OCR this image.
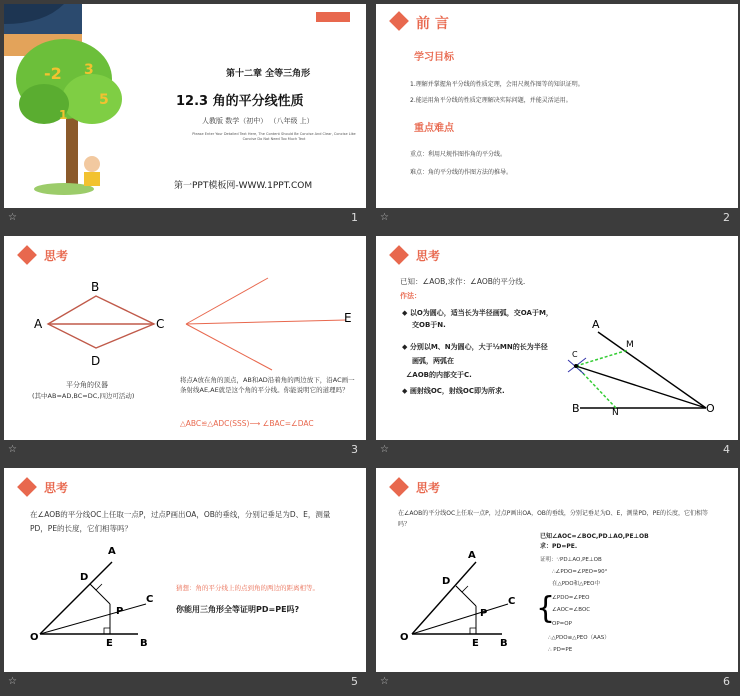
-2 3
5
1
第十二章 全等三角形
12.3 角的平分线性质
人教版 数学（初中） （八年级 上）
Please Enter Your Detailed Text Here, The Content Should Be Concise And Clear, Concise Like Concise Do Not Need Too Much Text
第一PPT模板网-WWW.1PPT.COM
☆	1
前 言
学习目标
1.理解并掌握角平分线的性质定理，会用尺规作图等的知识证明。
2.能运用角平分线的性质定理解决实际问题，并能灵活运用。
重点难点
重点：利用尺规作图作角的平分线。
难点：角的平分线的作图方法的推导。
☆	2
思考
A
B
C
D
E
平分角的仪器
(其中AB=AD,BC=DC,四边可活动)
将点A放在角的顶点，AB和AD沿着角的两边放下，沿AC画一条射线AE,AE就是这个角的平分线。你能说明它的道理吗？
△ABC≌△ADC(SSS)⟶ ∠BAC=∠DAC
☆	3
思考
已知：∠AOB,求作：∠AOB的平分线.
作法：
◆ 以O为圆心，适当长为半径画弧，交OA于M，
交OB于N.
◆ 分别以M、N为圆心，大于½MN的长为半径
画弧，两弧在
∠AOB的内部交于C.
◆ 画射线OC，射线OC即为所求.
A
M
C
B	N	O
☆	4
思考
在∠AOB的平分线OC上任取一点P，过点P画出OA，OB的垂线，分别记垂足为D、E，测量PD，PE的长度，它们相等吗？
A
D
P
C
O
E	B
猜想：角的平分线上的点到角的两边的距离相等。
你能用三角形全等证明PD=PE吗?
☆	5
思考
在∠AOB的平分线OC上任取一点P，过点P画出OA，OB的垂线，分别记垂足为D、E，测量PD，PE的长度，它们相等吗？
A
D
P
C
O
E B
已知∠AOC=∠BOC,PD⊥AO,PE⊥OB
求：PD=PE.
证明：∵PD⊥AO,PE⊥OB
∴∠PDO=∠PEO=90°
在△PDO和△PEO中
{
∠PDO=∠PEO
∠AOC=∠BOC
OP=OP
∴△PDO≌△PEO（AAS）
∴ PD=PE
☆	6
